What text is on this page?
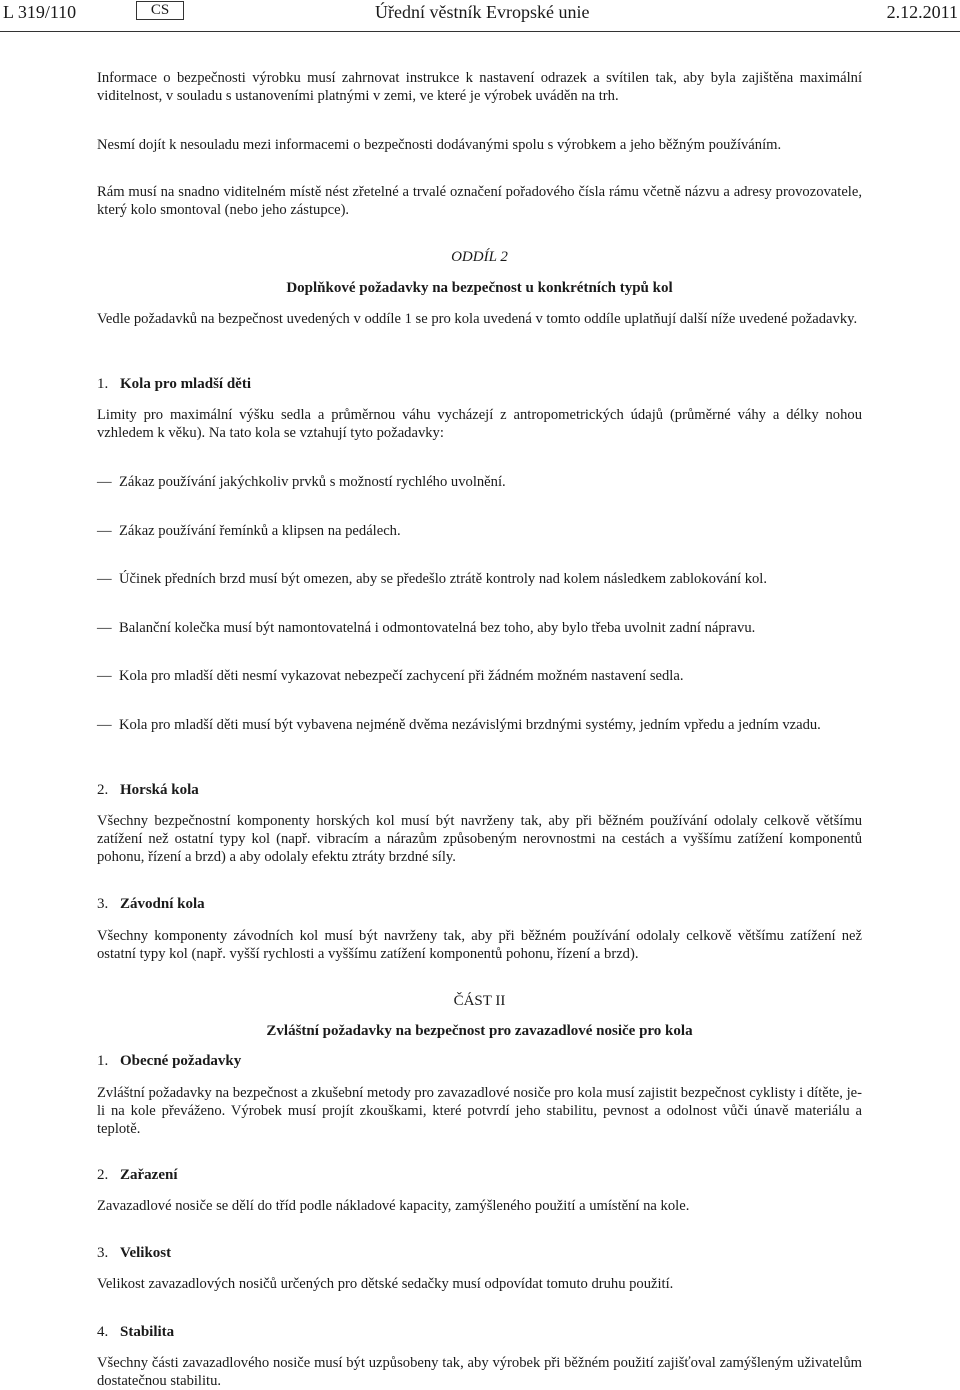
L 319/110	CS	Úřední věstník Evropské unie	2.12.2011
Informace o bezpečnosti výrobku musí zahrnovat instrukce k nastavení odrazek a svítilen tak, aby byla zajištěna maximální viditelnost, v souladu s ustanoveními platnými v zemi, ve které je výrobek uváděn na trh.
Nesmí dojít k nesouladu mezi informacemi o bezpečnosti dodávanými spolu s výrobkem a jeho běžným používáním.
Rám musí na snadno viditelném místě nést zřetelné a trvalé označení pořadového čísla rámu včetně názvu a adresy provozovatele, který kolo smontoval (nebo jeho zástupce).
ODDÍL 2
Doplňkové požadavky na bezpečnost u konkrétních typů kol
Vedle požadavků na bezpečnost uvedených v oddíle 1 se pro kola uvedená v tomto oddíle uplatňují další níže uvedené požadavky.
1. Kola pro mladší děti
Limity pro maximální výšku sedla a průměrnou váhu vycházejí z antropometrických údajů (průměrné váhy a délky nohou vzhledem k věku). Na tato kola se vztahují tyto požadavky:
— Zákaz používání jakýchkoliv prvků s možností rychlého uvolnění.
— Zákaz používání řemínků a klipsen na pedálech.
— Účinek předních brzd musí být omezen, aby se předešlo ztrátě kontroly nad kolem následkem zablokování kol.
— Balanční kolečka musí být namontovatelná i odmontovatelná bez toho, aby bylo třeba uvolnit zadní nápravu.
— Kola pro mladší děti nesmí vykazovat nebezpečí zachycení při žádném možném nastavení sedla.
— Kola pro mladší děti musí být vybavena nejméně dvěma nezávislými brzdnými systémy, jedním vpředu a jedním vzadu.
2. Horská kola
Všechny bezpečnostní komponenty horských kol musí být navrženy tak, aby při běžném používání odolaly celkově většímu zatížení než ostatní typy kol (např. vibracím a nárazům způsobeným nerovnostmi na cestách a vyššímu zatížení komponentů pohonu, řízení a brzd) a aby odolaly efektu ztráty brzdné síly.
3. Závodní kola
Všechny komponenty závodních kol musí být navrženy tak, aby při běžném používání odolaly celkově většímu zatížení než ostatní typy kol (např. vyšší rychlosti a vyššímu zatížení komponentů pohonu, řízení a brzd).
ČÁST II
Zvláštní požadavky na bezpečnost pro zavazadlové nosiče pro kola
1. Obecné požadavky
Zvláštní požadavky na bezpečnost a zkušební metody pro zavazadlové nosiče pro kola musí zajistit bezpečnost cyklisty i dítěte, je-li na kole převáženo. Výrobek musí projít zkouškami, které potvrdí jeho stabilitu, pevnost a odolnost vůči únavě materiálu a teplotě.
2. Zařazení
Zavazadlové nosiče se dělí do tříd podle nákladové kapacity, zamýšleného použití a umístění na kole.
3. Velikost
Velikost zavazadlových nosičů určených pro dětské sedačky musí odpovídat tomuto druhu použití.
4. Stabilita
Všechny části zavazadlového nosiče musí být uzpůsobeny tak, aby výrobek při běžném použití zajišťoval zamýšleným uživatelům dostatečnou stabilitu.
